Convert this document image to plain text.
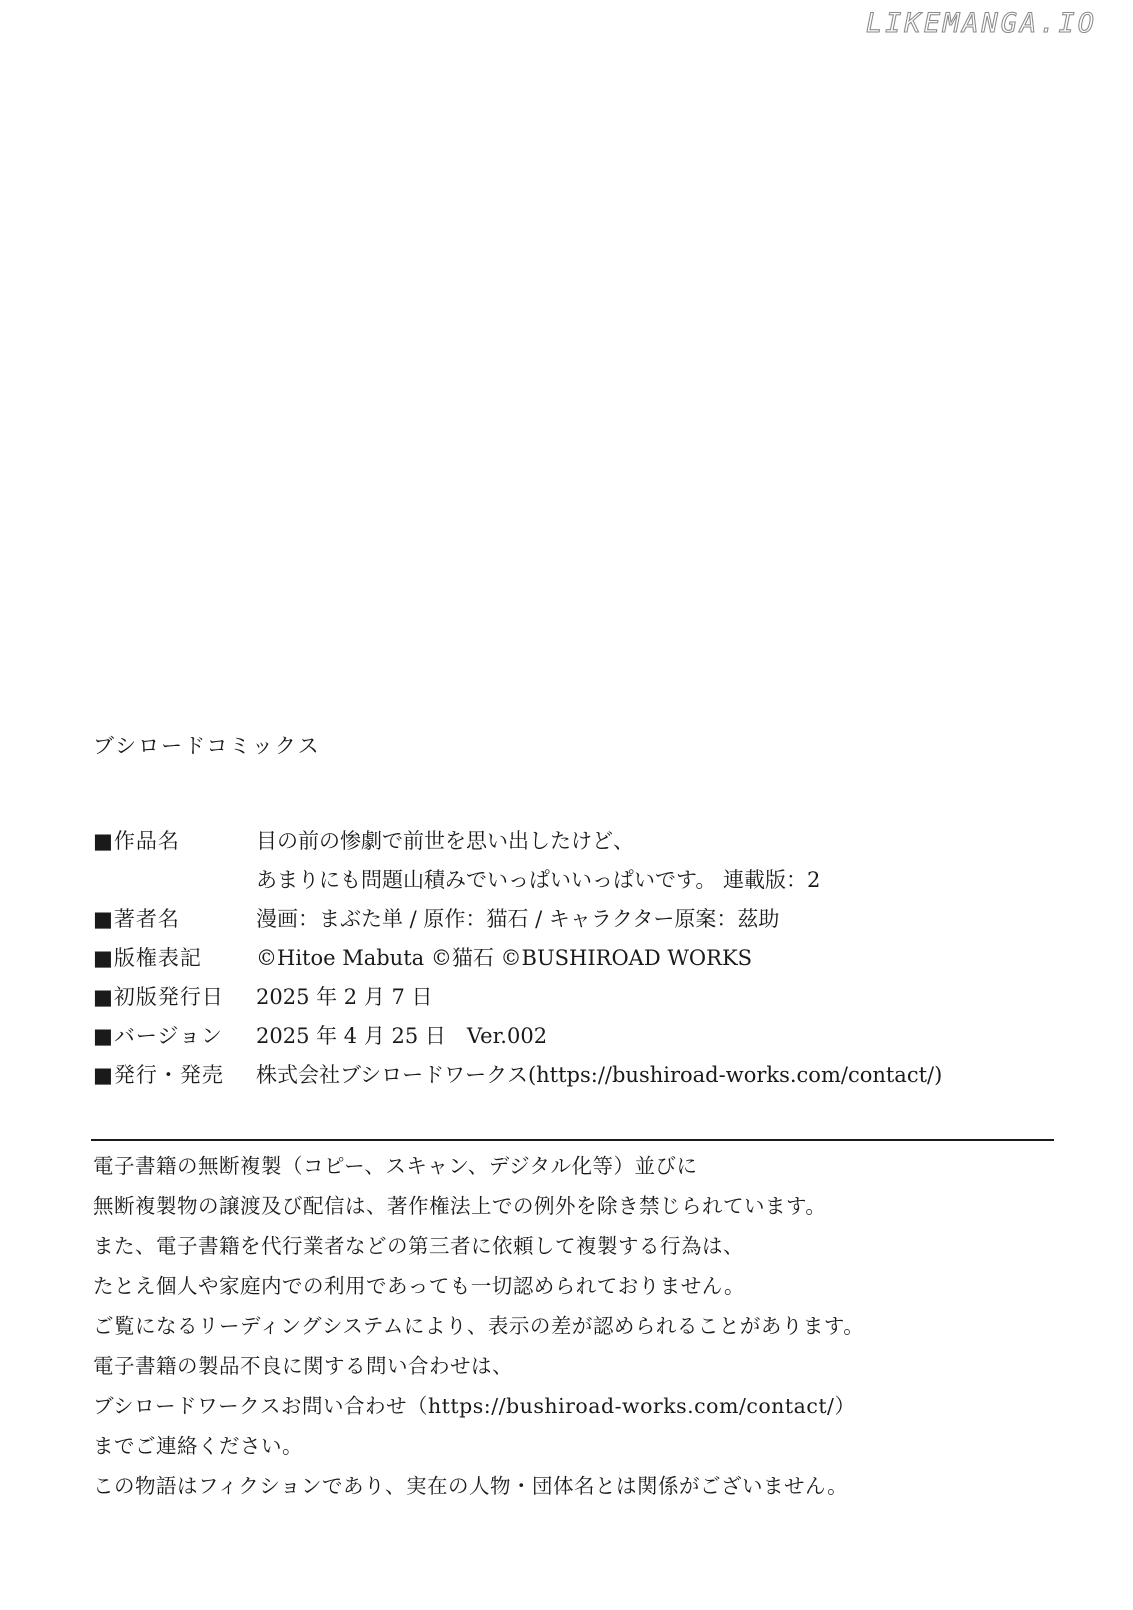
LIKEMANGA.IO
ブシロードコミックス
■作品名	目の前の惨劇で前世を思い出したけど、
あまりにも問題山積みでいっぱいいっぱいです。 連載版：2
■著者名	漫画：まぶた単 / 原作：猫石 / キャラクター原案：茲助
■版権表記	©Hitoe Mabuta ©猫石 ©BUSHIROAD WORKS
■初版発行日	2025 年 2 月 7 日
■バージョン	2025 年 4 月 25 日　Ver.002
■発行・発売	株式会社ブシロードワークス(https://bushiroad-works.com/contact/)
電子書籍の無断複製（コピー、スキャン、デジタル化等）並びに
無断複製物の譲渡及び配信は、著作権法上での例外を除き禁じられています。
また、電子書籍を代行業者などの第三者に依頼して複製する行為は、
たとえ個人や家庭内での利用であっても一切認められておりません。
ご覧になるリーディングシステムにより、表示の差が認められることがあります。
電子書籍の製品不良に関する問い合わせは、
ブシロードワークスお問い合わせ（https://bushiroad-works.com/contact/）
までご連絡ください。
この物語はフィクションであり、実在の人物・団体名とは関係がございません。
